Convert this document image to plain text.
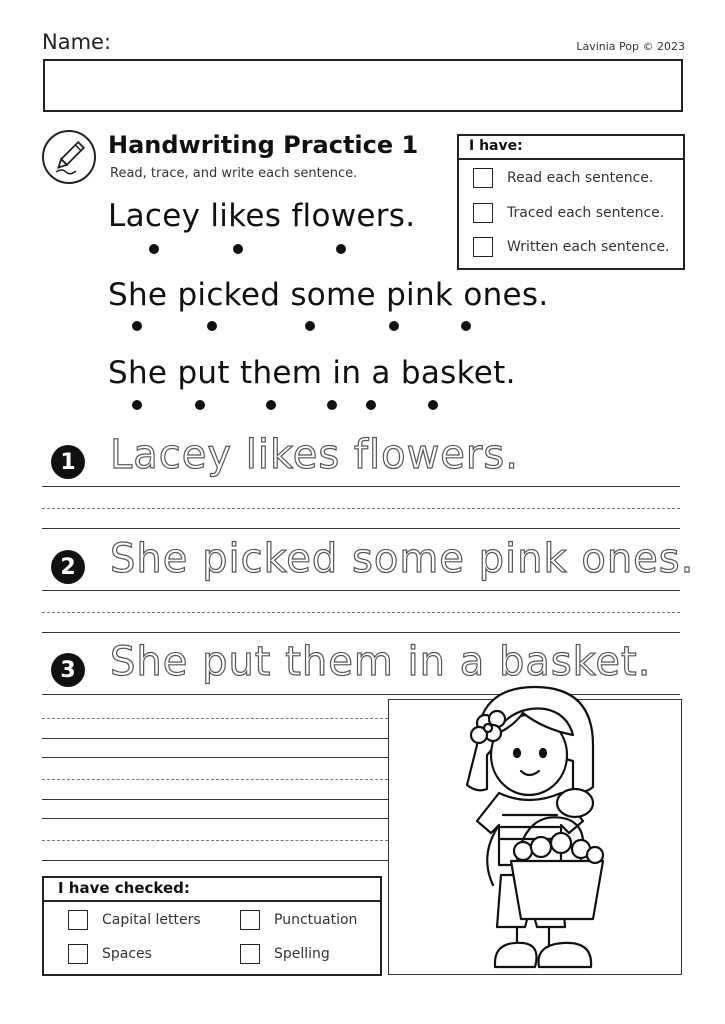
Name:	Lavinia Pop © 2023
Handwriting Practice 1
Read, trace, and write each sentence.
I have:
Read each sentence.
Traced each sentence.
Written each sentence.
Lacey likes flowers.
She picked some pink ones.
She put them in a basket.
1 Lacey likes flowers.
2 She picked some pink ones.
3 She put them in a basket.
I have checked:
Capital letters	Punctuation
Spaces	Spelling
